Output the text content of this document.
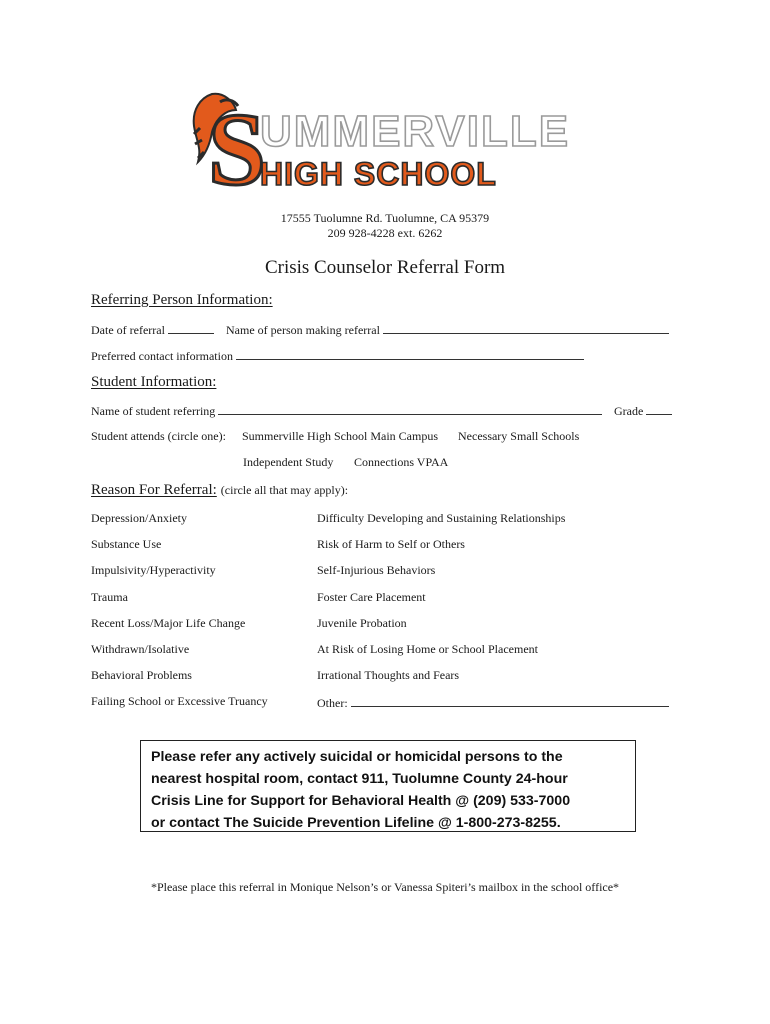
S
UMMERVILLE
HIGH SCHOOL
17555 Tuolumne Rd. Tuolumne, CA 95379
209 928-4228 ext. 6262
Crisis Counselor Referral Form
Referring Person Information:
Date of referral	Name of person making referral
Preferred contact information
Student Information:
Name of student referring	Grade
Student attends (circle one): Summerville High School Main Campus Necessary Small Schools
Independent Study Connections VPAA
Reason For Referral: (circle all that may apply):
Depression/Anxiety
Substance Use
Impulsivity/Hyperactivity
Trauma
Recent Loss/Major Life Change
Withdrawn/Isolative
Behavioral Problems
Failing School or Excessive Truancy
Difficulty Developing and Sustaining Relationships
Risk of Harm to Self or Others
Self-Injurious Behaviors
Foster Care Placement
Juvenile Probation
At Risk of Losing Home or School Placement
Irrational Thoughts and Fears
Other:
Please refer any actively suicidal or homicidal persons to the
nearest hospital room, contact 911, Tuolumne County 24-hour
Crisis Line for Support for Behavioral Health @ (209) 533-7000
or contact The Suicide Prevention Lifeline @ 1-800-273-8255.
*Please place this referral in Monique Nelson’s or Vanessa Spiteri’s mailbox in the school office*
